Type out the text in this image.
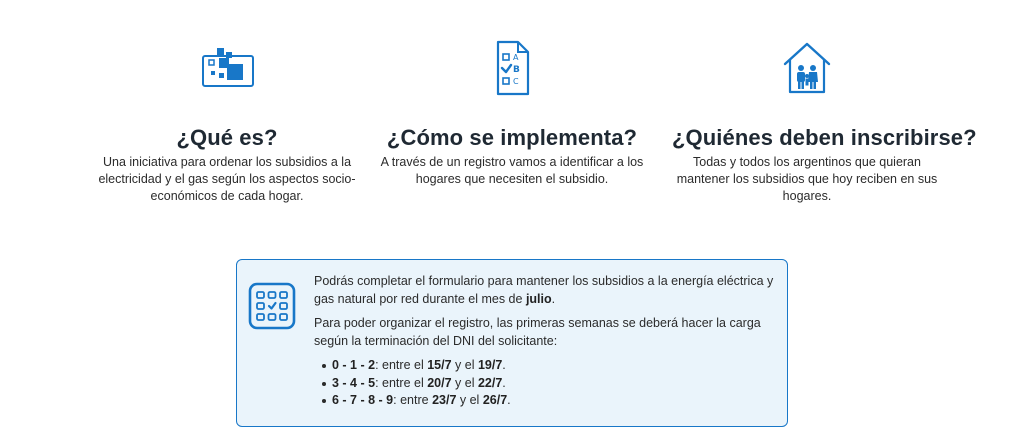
¿Qué es?

Una iniciativa para ordenar los subsidios a la
electricidad y el gas según los aspectos socio-
económicos de cada hogar.

A
B
C
¿Cómo se implementa?

A través de un registro vamos a identificar a los
hogares que necesiten el subsidio.

¿Quiénes deben inscribirse?

Todas y todos los argentinos que quieran
mantener los subsidios que hoy reciben en sus
hogares.

Podrás completar el formulario para mantener los subsidios a la energía eléctrica y gas natural por red durante el mes de julio.

Para poder organizar el registro, las primeras semanas se deberá hacer la carga según la terminación del DNI del solicitante:

0 - 1 - 2: entre el 15/7 y el 19/7.
3 - 4 - 5: entre el 20/7 y el 22/7.
6 - 7 - 8 - 9: entre 23/7 y el 26/7.
